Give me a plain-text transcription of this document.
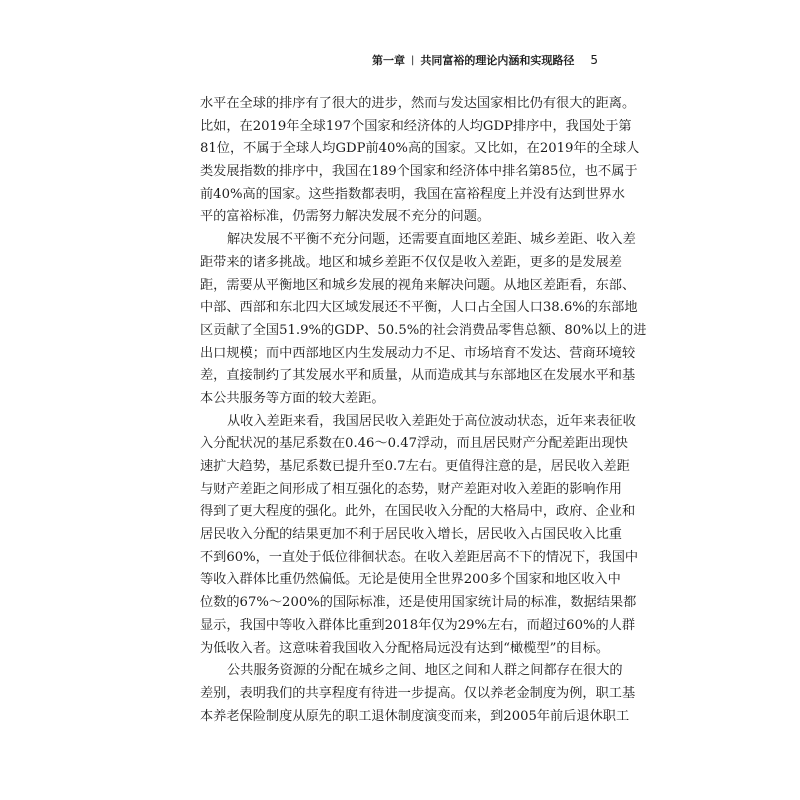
第一章 | 共同富裕的理论内涵和实现路径 5
水平在全球的排序有了很大的进步，然而与发达国家相比仍有很大的距离。
比如，在2019年全球197个国家和经济体的人均GDP排序中，我国处于第
81位，不属于全球人均GDP前40%高的国家。又比如，在2019年的全球人
类发展指数的排序中，我国在189个国家和经济体中排名第85位，也不属于
前40%高的国家。这些指数都表明，我国在富裕程度上并没有达到世界水
平的富裕标准，仍需努力解决发展不充分的问题。
解决发展不平衡不充分问题，还需要直面地区差距、城乡差距、收入差
距带来的诸多挑战。地区和城乡差距不仅仅是收入差距，更多的是发展差
距，需要从平衡地区和城乡发展的视角来解决问题。从地区差距看，东部、
中部、西部和东北四大区域发展还不平衡，人口占全国人口38.6%的东部地
区贡献了全国51.9%的GDP、50.5%的社会消费品零售总额、80%以上的进
出口规模；而中西部地区内生发展动力不足、市场培育不发达、营商环境较
差，直接制约了其发展水平和质量，从而造成其与东部地区在发展水平和基
本公共服务等方面的较大差距。
从收入差距来看，我国居民收入差距处于高位波动状态，近年来表征收
入分配状况的基尼系数在0.46～0.47浮动，而且居民财产分配差距出现快
速扩大趋势，基尼系数已提升至0.7左右。更值得注意的是，居民收入差距
与财产差距之间形成了相互强化的态势，财产差距对收入差距的影响作用
得到了更大程度的强化。此外，在国民收入分配的大格局中，政府、企业和
居民收入分配的结果更加不利于居民收入增长，居民收入占国民收入比重
不到60%，一直处于低位徘徊状态。在收入差距居高不下的情况下，我国中
等收入群体比重仍然偏低。无论是使用全世界200多个国家和地区收入中
位数的67%～200%的国际标准，还是使用国家统计局的标准，数据结果都
显示，我国中等收入群体比重到2018年仅为29%左右，而超过60%的人群
为低收入者。这意味着我国收入分配格局远没有达到“橄榄型”的目标。
公共服务资源的分配在城乡之间、地区之间和人群之间都存在很大的
差别，表明我们的共享程度有待进一步提高。仅以养老金制度为例，职工基
本养老保险制度从原先的职工退休制度演变而来，到2005年前后退休职工
